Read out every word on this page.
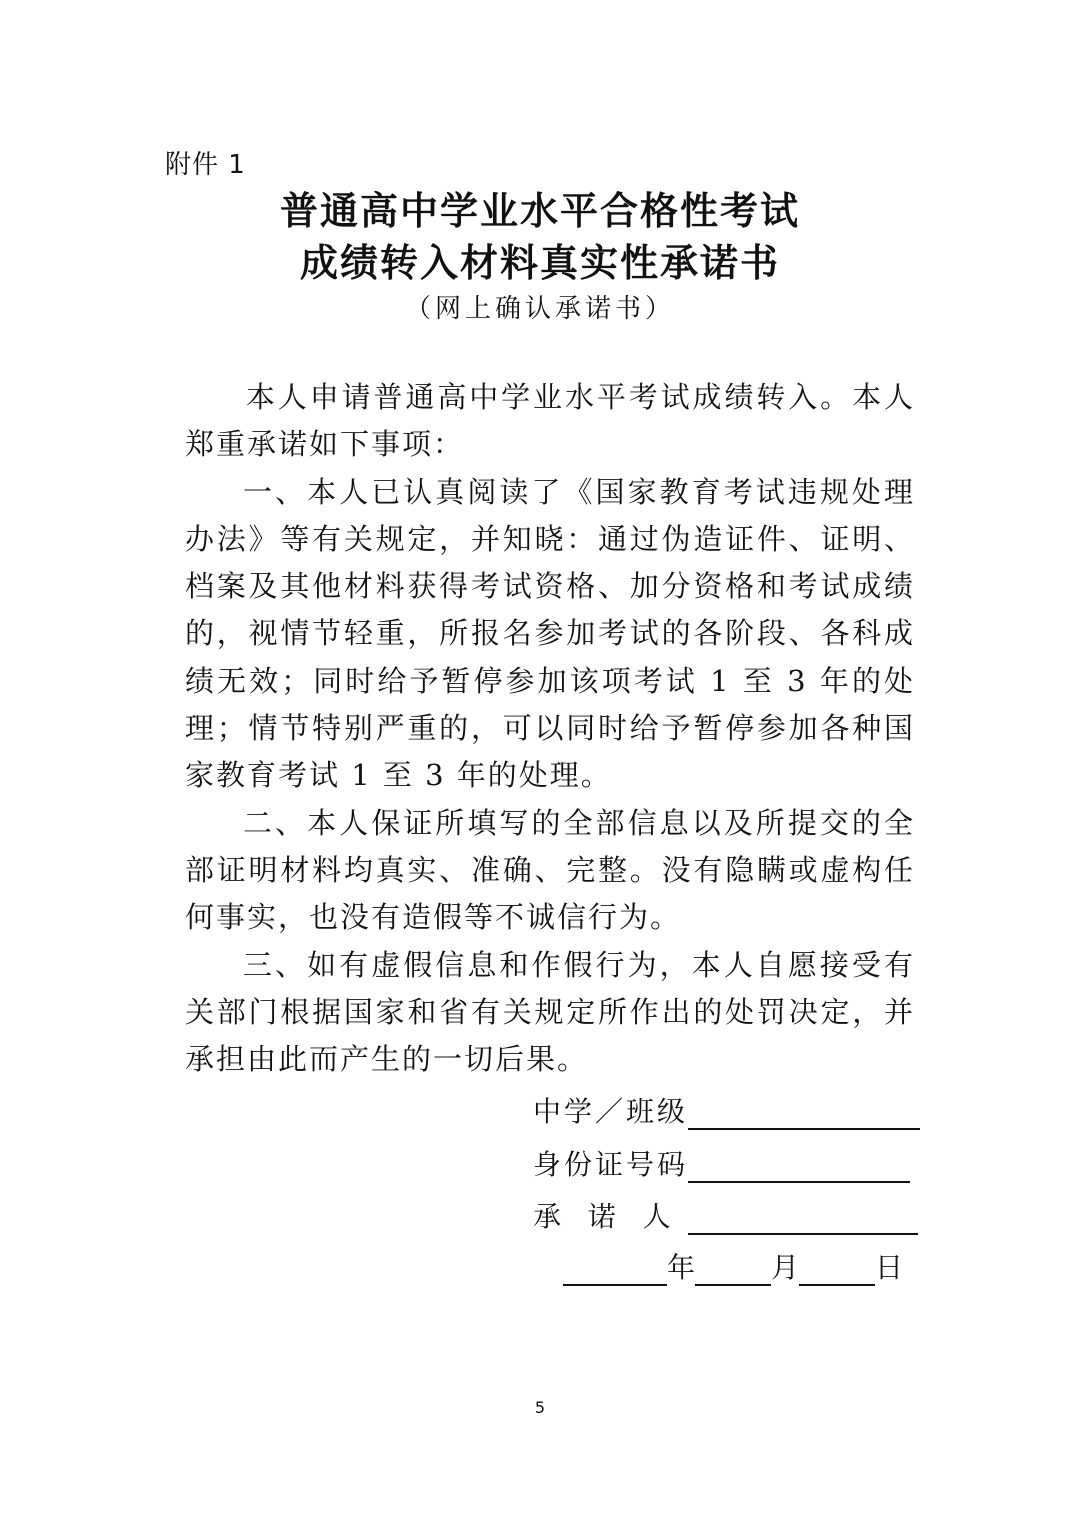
附件 1
普通高中学业水平合格性考试
成绩转入材料真实性承诺书
（网上确认承诺书）

本人申请普通高中学业水平考试成绩转入。本人郑重承诺如下事项：

一、本人已认真阅读了《国家教育考试违规处理办法》等有关规定，并知晓：通过伪造证件、证明、档案及其他材料获得考试资格、加分资格和考试成绩的，视情节轻重，所报名参加考试的各阶段、各科成绩无效；同时给予暂停参加该项考试 1 至 3 年的处理；情节特别严重的，可以同时给予暂停参加各种国家教育考试 1 至 3 年的处理。

二、本人保证所填写的全部信息以及所提交的全部证明材料均真实、准确、完整。没有隐瞒或虚构任何事实，也没有造假等不诚信行为。

三、如有虚假信息和作假行为，本人自愿接受有关部门根据国家和省有关规定所作出的处罚决定，并承担由此而产生的一切后果。

中学／班级
身份证号码
承  诺  人
年	月	日
5
